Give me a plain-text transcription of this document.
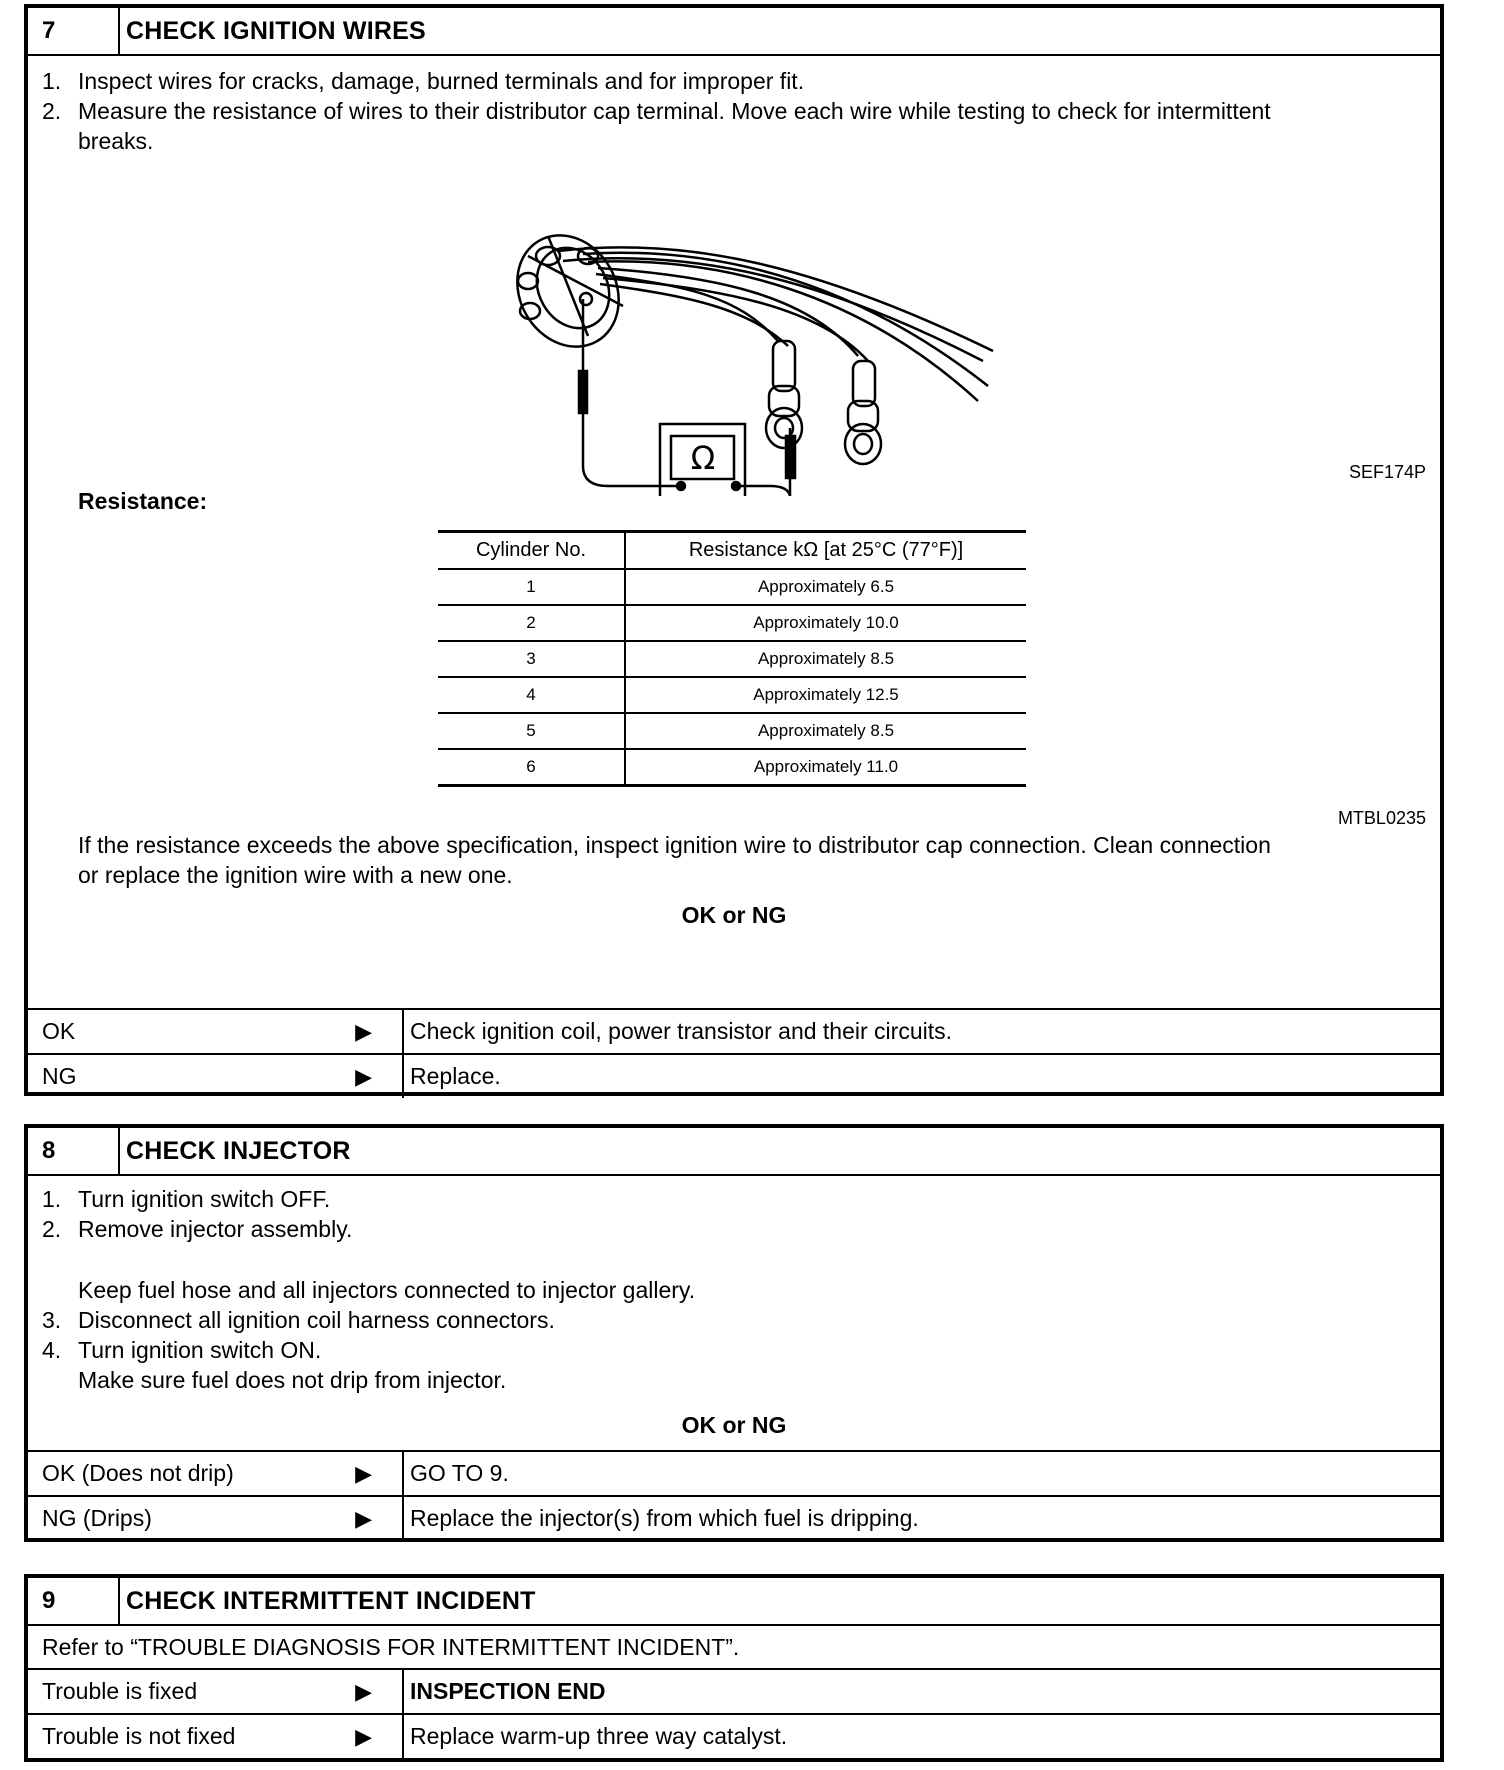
7	CHECK IGNITION WIRES
1. Inspect wires for cracks, damage, burned terminals and for improper fit.
2. Measure the resistance of wires to their distributor cap terminal. Move each wire while testing to check for intermittent
breaks.
Ω	SEF174P
Resistance:
Cylinder No.	Resistance kΩ [at 25°C (77°F)]
1	Approximately 6.5
2	Approximately 10.0
3	Approximately 8.5
4	Approximately 12.5
5	Approximately 8.5
6	Approximately 11.0
MTBL0235
If the resistance exceeds the above specification, inspect ignition wire to distributor cap connection. Clean connection
or replace the ignition wire with a new one.
OK or NG
OK	▶ Check ignition coil, power transistor and their circuits.
NG	▶ Replace.
8	CHECK INJECTOR
1. Turn ignition switch OFF.
2. Remove injector assembly.
Keep fuel hose and all injectors connected to injector gallery.
3. Disconnect all ignition coil harness connectors.
4. Turn ignition switch ON.
Make sure fuel does not drip from injector.
OK or NG
OK (Does not drip)	▶ GO TO 9.
NG (Drips)	▶ Replace the injector(s) from which fuel is dripping.
9	CHECK INTERMITTENT INCIDENT
Refer to “TROUBLE DIAGNOSIS FOR INTERMITTENT INCIDENT”.
Trouble is fixed	▶ INSPECTION END
Trouble is not fixed	▶ Replace warm-up three way catalyst.
